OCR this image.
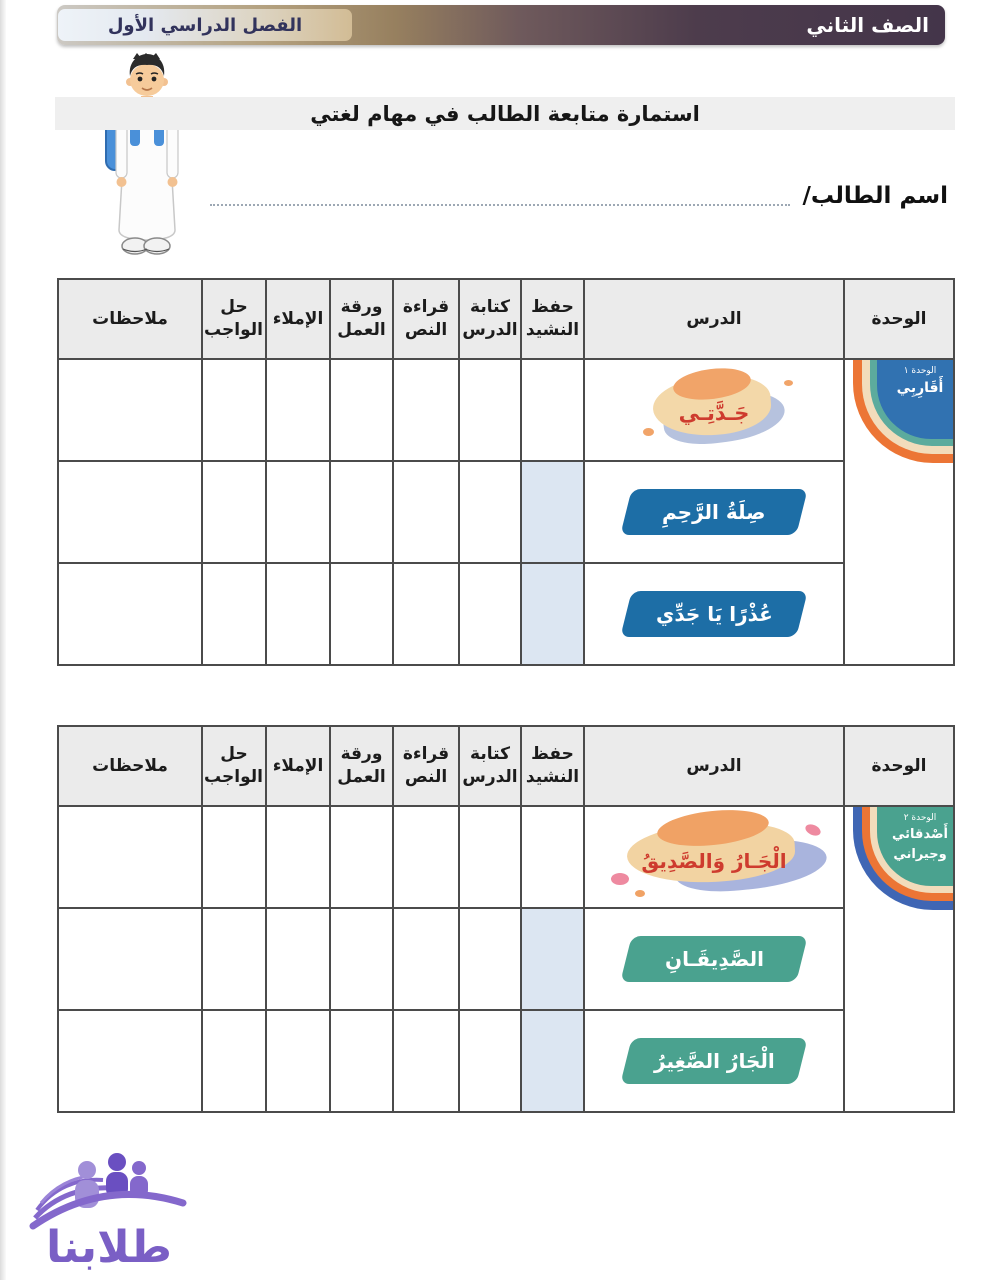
الصف الثاني
الفصل الدراسي الأول
استمارة متابعة الطالب في مهام لغتي
اسم الطالب/
الوحدة	الدرس	حفظ النشيد	كتابة الدرس	قراءة النص	ورقة العمل	الإملاء	حل الواجب	ملاحظات

الوحدة ١
أَقَارِبِي	جَـدَّتِـي							

	صِلَةُ الرَّحِمِ							

	عُذْرًا يَا جَدِّي							

الوحدة	الدرس	حفظ النشيد	كتابة الدرس	قراءة النص	ورقة العمل	الإملاء	حل الواجب	ملاحظات

الوحدة ٢
أَصْدقائي وجيراني	الْجَـارُ وَالصَّدِيقُ							

	الصَّدِيقَـانِ							

	الْجَارُ الصَّغِيرُ							

طلابنا
